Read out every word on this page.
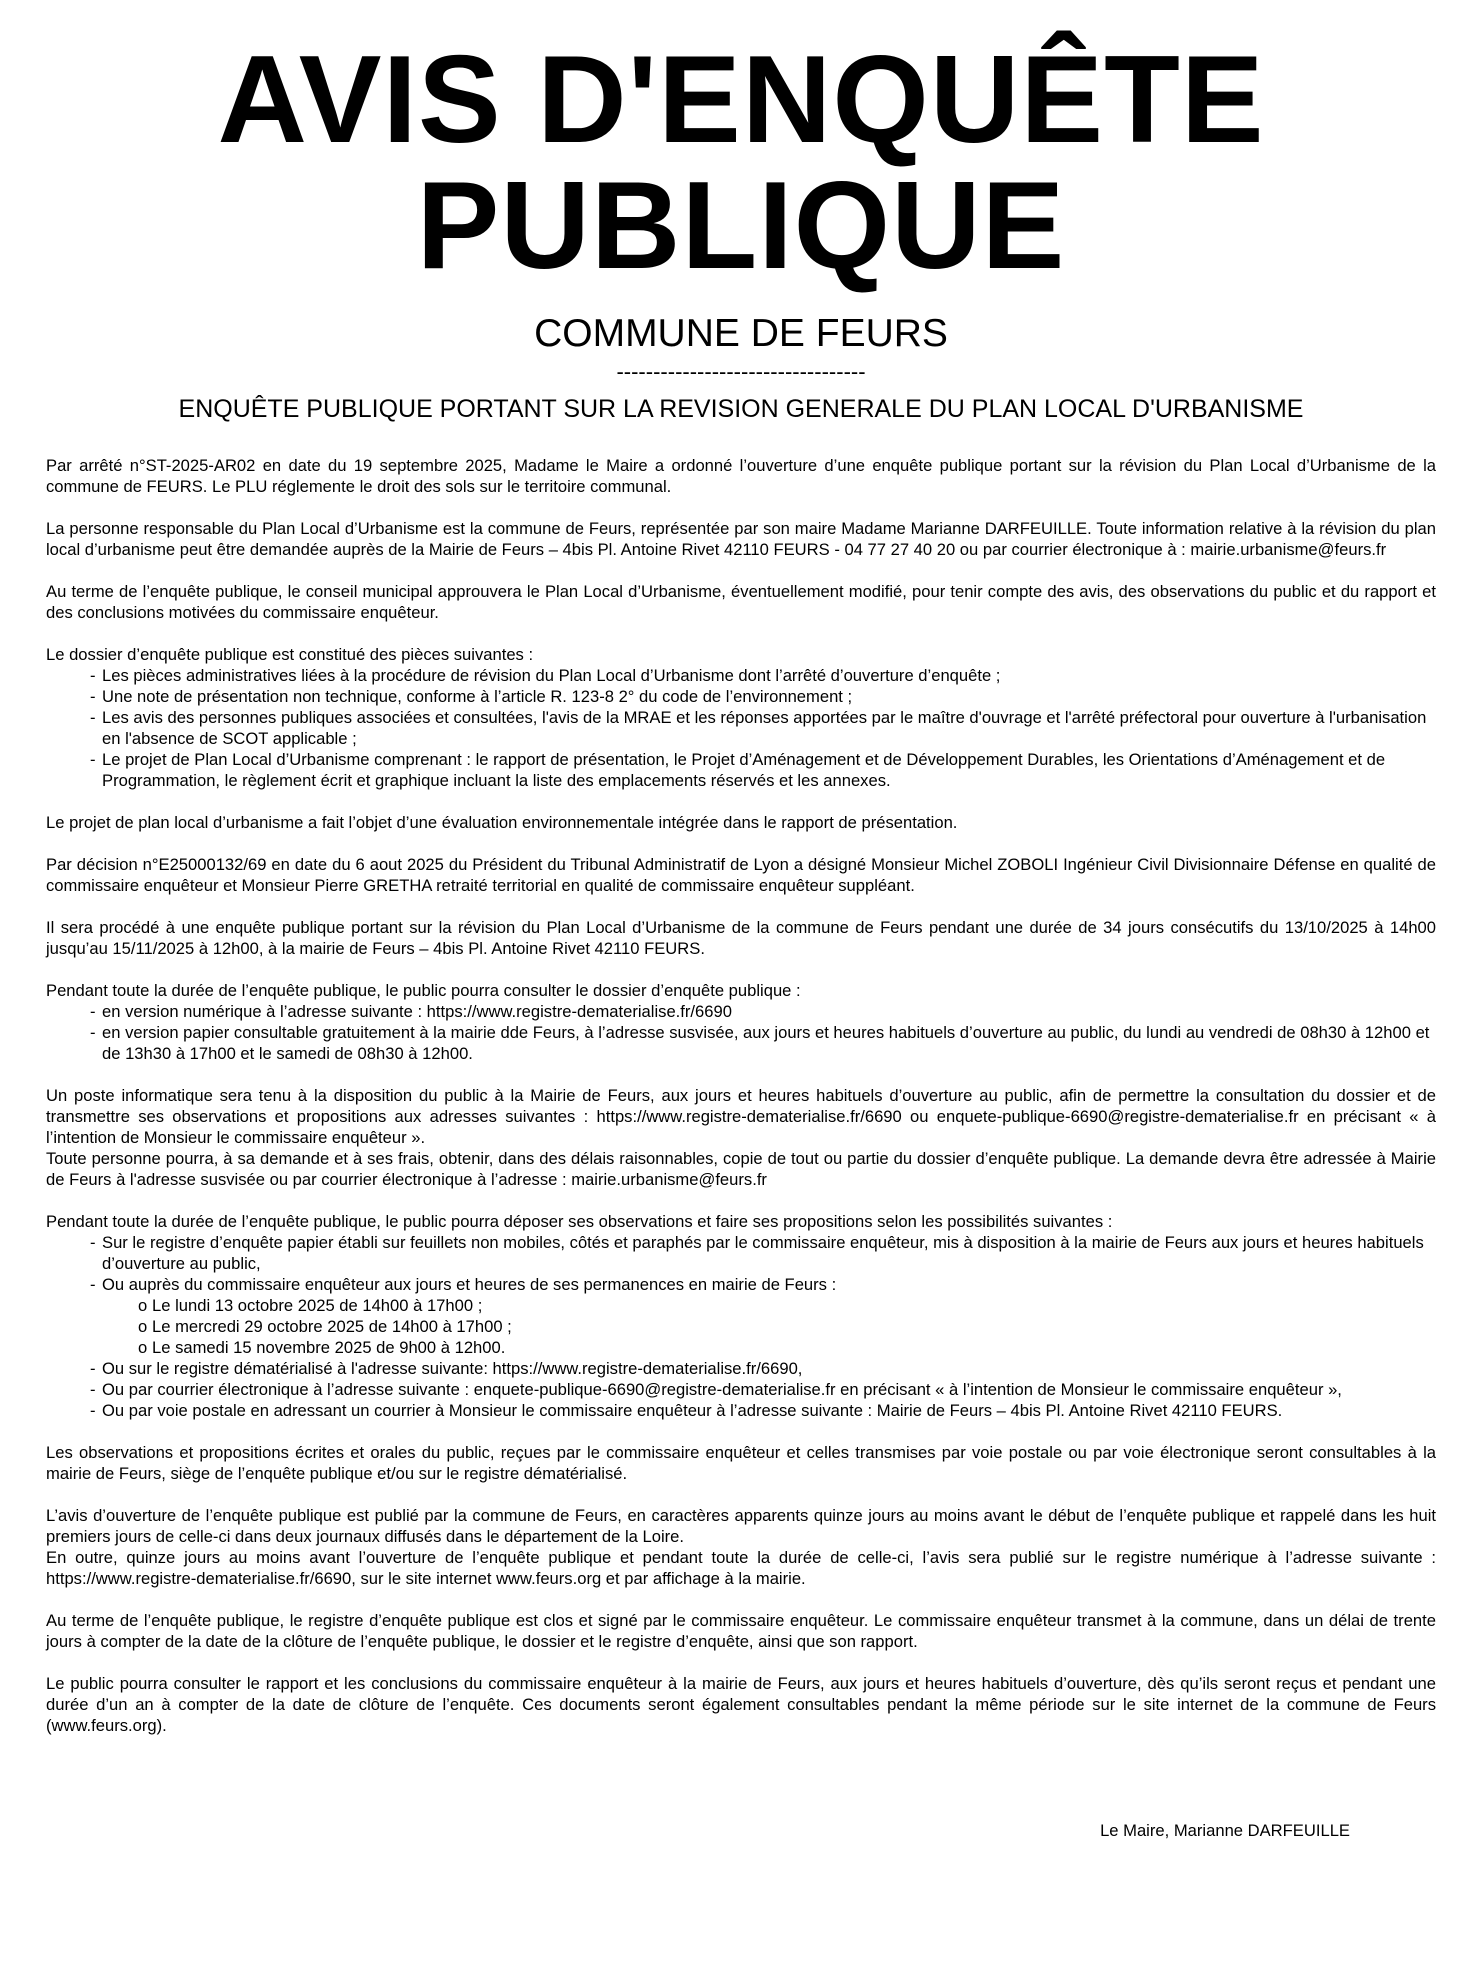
AVIS D'ENQUÊTE
PUBLIQUE
COMMUNE DE FEURS
----------------------------------
ENQUÊTE PUBLIQUE PORTANT SUR LA REVISION GENERALE DU PLAN LOCAL D'URBANISME

Par arrêté n°ST-2025-AR02 en date du 19 septembre 2025, Madame le Maire a ordonné l’ouverture d’une enquête publique portant sur la révision du Plan Local d’Urbanisme de la commune de FEURS. Le PLU réglemente le droit des sols sur le territoire communal.

La personne responsable du Plan Local d’Urbanisme est la commune de Feurs, représentée par son maire Madame Marianne DARFEUILLE. Toute information relative à la révision du plan local d’urbanisme peut être demandée auprès de la Mairie de Feurs – 4bis Pl. Antoine Rivet 42110 FEURS - 04 77 27 40 20 ou par courrier électronique à : mairie.urbanisme@feurs.fr

Au terme de l’enquête publique, le conseil municipal approuvera le Plan Local d’Urbanisme, éventuellement modifié, pour tenir compte des avis, des observations du public et du rapport et des conclusions motivées du commissaire enquêteur.

Le dossier d’enquête publique est constitué des pièces suivantes :

- Les pièces administratives liées à la procédure de révision du Plan Local d’Urbanisme dont l’arrêté d’ouverture d’enquête ;
- Une note de présentation non technique, conforme à l’article R. 123-8 2° du code de l’environnement ;
- Les avis des personnes publiques associées et consultées, l'avis de la MRAE et les réponses apportées par le maître d'ouvrage et l'arrêté préfectoral pour ouverture à l'urbanisation en l'absence de SCOT applicable ;
- Le projet de Plan Local d’Urbanisme comprenant : le rapport de présentation, le Projet d’Aménagement et de Développement Durables, les Orientations d’Aménagement et de Programmation, le règlement écrit et graphique incluant la liste des emplacements réservés et les annexes.

Le projet de plan local d’urbanisme a fait l’objet d’une évaluation environnementale intégrée dans le rapport de présentation.

Par décision n°E25000132/69 en date du 6 aout 2025 du Président du Tribunal Administratif de Lyon a désigné Monsieur Michel ZOBOLI Ingénieur Civil Divisionnaire Défense en qualité de commissaire enquêteur et Monsieur Pierre GRETHA retraité territorial en qualité de commissaire enquêteur suppléant.

Il sera procédé à une enquête publique portant sur la révision du Plan Local d’Urbanisme de la commune de Feurs pendant une durée de 34 jours consécutifs du 13/10/2025 à 14h00 jusqu’au 15/11/2025 à 12h00, à la mairie de Feurs – 4bis Pl. Antoine Rivet 42110 FEURS.

Pendant toute la durée de l’enquête publique, le public pourra consulter le dossier d’enquête publique :

- en version numérique à l’adresse suivante : https://www.registre-dematerialise.fr/6690
- en version papier consultable gratuitement à la mairie dde Feurs, à l’adresse susvisée, aux jours et heures habituels d’ouverture au public, du lundi au vendredi de 08h30 à 12h00 et de 13h30 à 17h00 et le samedi de 08h30 à 12h00.

Un poste informatique sera tenu à la disposition du public à la Mairie de Feurs, aux jours et heures habituels d’ouverture au public, afin de permettre la consultation du dossier et de transmettre ses observations et propositions aux adresses suivantes : https://www.registre-dematerialise.fr/6690 ou enquete-publique-6690@registre-dematerialise.fr en précisant « à l’intention de Monsieur le commissaire enquêteur ».

Toute personne pourra, à sa demande et à ses frais, obtenir, dans des délais raisonnables, copie de tout ou partie du dossier d’enquête publique. La demande devra être adressée à Mairie de Feurs à l'adresse susvisée ou par courrier électronique à l’adresse : mairie.urbanisme@feurs.fr

Pendant toute la durée de l’enquête publique, le public pourra déposer ses observations et faire ses propositions selon les possibilités suivantes :

- Sur le registre d’enquête papier établi sur feuillets non mobiles, côtés et paraphés par le commissaire enquêteur, mis à disposition à la mairie de Feurs aux jours et heures habituels d’ouverture au public,
- Ou auprès du commissaire enquêteur aux jours et heures de ses permanences en mairie de Feurs :
o Le lundi 13 octobre 2025 de 14h00 à 17h00 ;
o Le mercredi 29 octobre 2025 de 14h00 à 17h00 ;
o Le samedi 15 novembre 2025 de 9h00 à 12h00.
- Ou sur le registre dématérialisé à l'adresse suivante: https://www.registre-dematerialise.fr/6690,
- Ou par courrier électronique à l’adresse suivante : enquete-publique-6690@registre-dematerialise.fr en précisant « à l’intention de Monsieur le commissaire enquêteur »,
- Ou par voie postale en adressant un courrier à Monsieur le commissaire enquêteur à l’adresse suivante : Mairie de Feurs – 4bis Pl. Antoine Rivet 42110 FEURS.

Les observations et propositions écrites et orales du public, reçues par le commissaire enquêteur et celles transmises par voie postale ou par voie électronique seront consultables à la mairie de Feurs, siège de l’enquête publique et/ou sur le registre dématérialisé.

L’avis d’ouverture de l’enquête publique est publié par la commune de Feurs, en caractères apparents quinze jours au moins avant le début de l’enquête publique et rappelé dans les huit premiers jours de celle-ci dans deux journaux diffusés dans le département de la Loire.

En outre, quinze jours au moins avant l’ouverture de l’enquête publique et pendant toute la durée de celle-ci, l’avis sera publié sur le registre numérique à l’adresse suivante : https://www.registre-dematerialise.fr/6690, sur le site internet www.feurs.org et par affichage à la mairie.

Au terme de l’enquête publique, le registre d’enquête publique est clos et signé par le commissaire enquêteur. Le commissaire enquêteur transmet à la commune, dans un délai de trente jours à compter de la date de la clôture de l’enquête publique, le dossier et le registre d’enquête, ainsi que son rapport.

Le public pourra consulter le rapport et les conclusions du commissaire enquêteur à la mairie de Feurs, aux jours et heures habituels d’ouverture, dès qu’ils seront reçus et pendant une durée d’un an à compter de la date de clôture de l’enquête. Ces documents seront également consultables pendant la même période sur le site internet de la commune de Feurs (www.feurs.org).

Le Maire, Marianne DARFEUILLE
